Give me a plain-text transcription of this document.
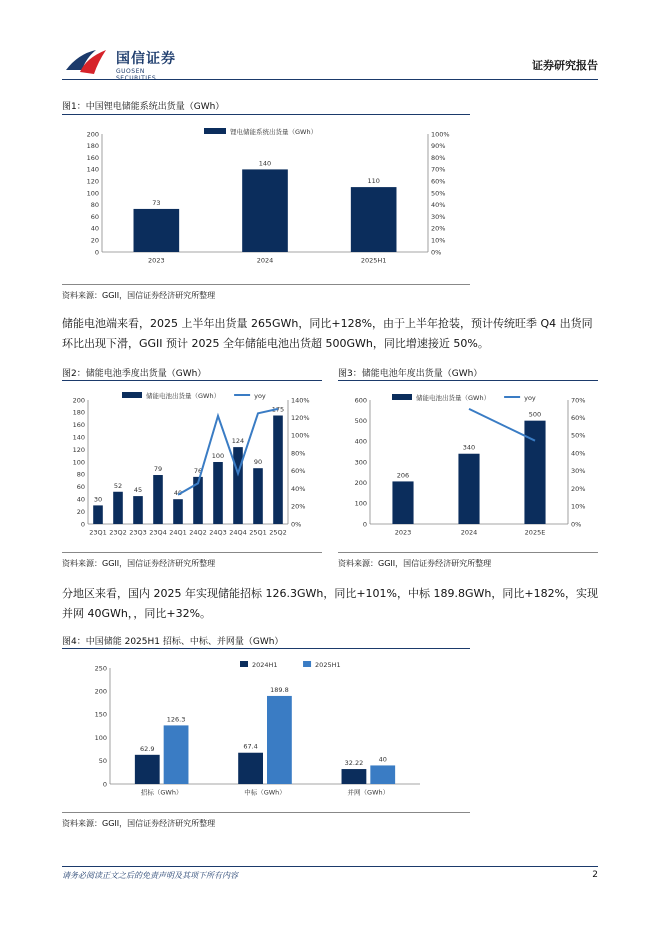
国信证券
GUOSEN	证券研究报告
图1：中国锂电储能系统出货量（GWh）
200
180
160
140
120
100
80
60
40
20
0
100%
90%
80%
70%
60%
50%
40%
30%
20%
10%
0%
2023
73
2024
140
2025H1
110
锂电储能系统出货量（GWh）
资料来源：GGII，国信证券经济研究所整理
储能电池端来看，2025 上半年出货量 265GWh，同比+128%，由于上半年抢装，预计传统旺季 Q4 出货同环比出现下滑，GGII 预计 2025 全年储能电池出货超 500GWh，同比增速接近 50%。
图2：储能电池季度出货量（GWh）
200
180
160
140
120
100
80
60
40
20
0
140%
120%
100%
80%
60%
40%
20%
0%
23Q1
30
23Q2
52
23Q3
45
23Q4
79
24Q1
40
24Q2
76
24Q3
100
24Q4
124
25Q1
90
25Q2
175
储能电池出货量（GWh）	yoy
资料来源：GGII，国信证券经济研究所整理
图3：储能电池年度出货量（GWh）
600
500
400
300
200
100
0
70%
60%
50%
40%
30%
20%
10%
0%
2023
206
2024
340
2025E
500
储能电池出货量（GWh）	yoy
资料来源：GGII，国信证券经济研究所整理
分地区来看，国内 2025 年实现储能招标 126.3GWh，同比+101%，中标 189.8GWh，同比+182%，实现并网 40GWh，，同比+32%。
图4：中国储能 2025H1 招标、中标、并网量（GWh）
250
200
150
100
50
0
招标（GWh）
62.9
126.3
中标（GWh）
67.4
189.8
并网（GWh）
32.22 40
2024H1	2025H1
资料来源：GGII，国信证券经济研究所整理
请务必阅读正文之后的免责声明及其项下所有内容	2
